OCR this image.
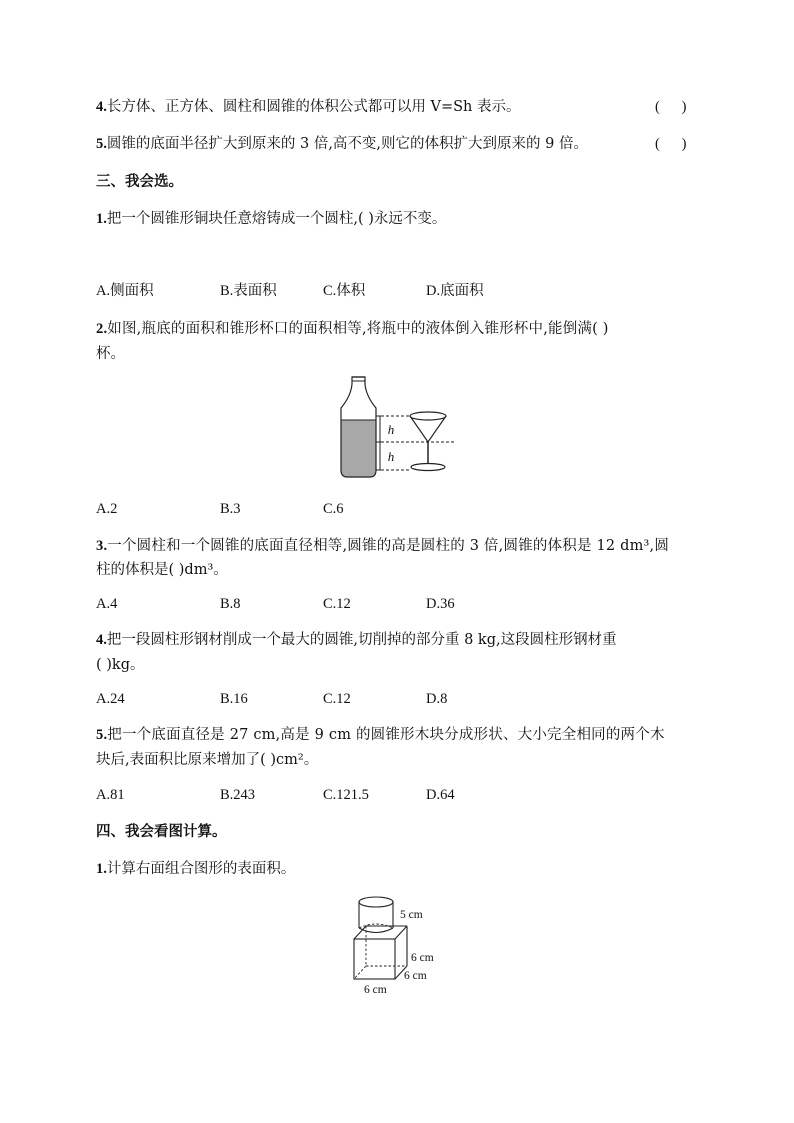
4.长方体、正方体、圆柱和圆锥的体积公式都可以用 V=Sh 表示。	(      )
5.圆锥的底面半径扩大到原来的 3 倍,高不变,则它的体积扩大到原来的 9 倍。	(      )
三、我会选。
1.把一个圆锥形铜块任意熔铸成一个圆柱,( )永远不变。
A.侧面积	B.表面积	C.体积	D.底面积
2.如图,瓶底的面积和锥形杯口的面积相等,将瓶中的液体倒入锥形杯中,能倒满( )
杯。
h
h
A.2	B.3	C.6
3.一个圆柱和一个圆锥的底面直径相等,圆锥的高是圆柱的 3 倍,圆锥的体积是 12 dm³,圆
柱的体积是( )dm³。
A.4	B.8	C.12	D.36
4.把一段圆柱形钢材削成一个最大的圆锥,切削掉的部分重 8 kg,这段圆柱形钢材重
( )kg。
A.24	B.16	C.12	D.8
5.把一个底面直径是 27 cm,高是 9 cm 的圆锥形木块分成形状、大小完全相同的两个木
块后,表面积比原来增加了( )cm²。
A.81	B.243	C.121.5	D.64
四、我会看图计算。
1.计算右面组合图形的表面积。
5 cm
6 cm
6 cm
6 cm
